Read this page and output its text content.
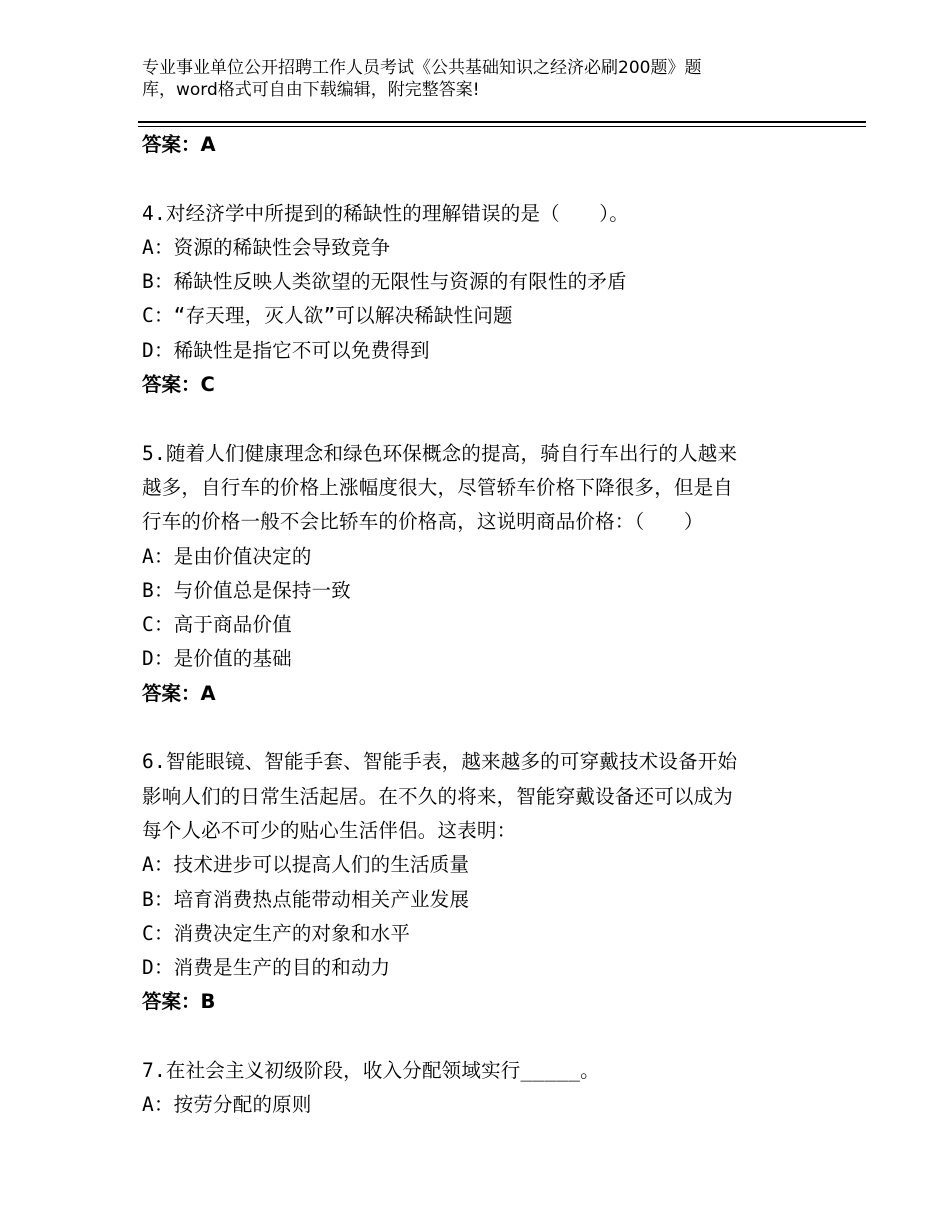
专业事业单位公开招聘工作人员考试《公共基础知识之经济必刷200题》题
库，word格式可自由下载编辑，附完整答案!
答案：A
4.对经济学中所提到的稀缺性的理解错误的是（　　）。
A：资源的稀缺性会导致竞争
B：稀缺性反映人类欲望的无限性与资源的有限性的矛盾
C：“存天理，灭人欲”可以解决稀缺性问题
D：稀缺性是指它不可以免费得到
答案：C
5.随着人们健康理念和绿色环保概念的提高，骑自行车出行的人越来
越多，自行车的价格上涨幅度很大，尽管轿车价格下降很多，但是自
行车的价格一般不会比轿车的价格高，这说明商品价格：（　　）
A：是由价值决定的
B：与价值总是保持一致
C：高于商品价值
D：是价值的基础
答案：A
6.智能眼镜、智能手套、智能手表，越来越多的可穿戴技术设备开始
影响人们的日常生活起居。在不久的将来，智能穿戴设备还可以成为
每个人必不可少的贴心生活伴侣。这表明：
A：技术进步可以提高人们的生活质量
B：培育消费热点能带动相关产业发展
C：消费决定生产的对象和水平
D：消费是生产的目的和动力
答案：B
7.在社会主义初级阶段，收入分配领域实行_____。
A：按劳分配的原则
